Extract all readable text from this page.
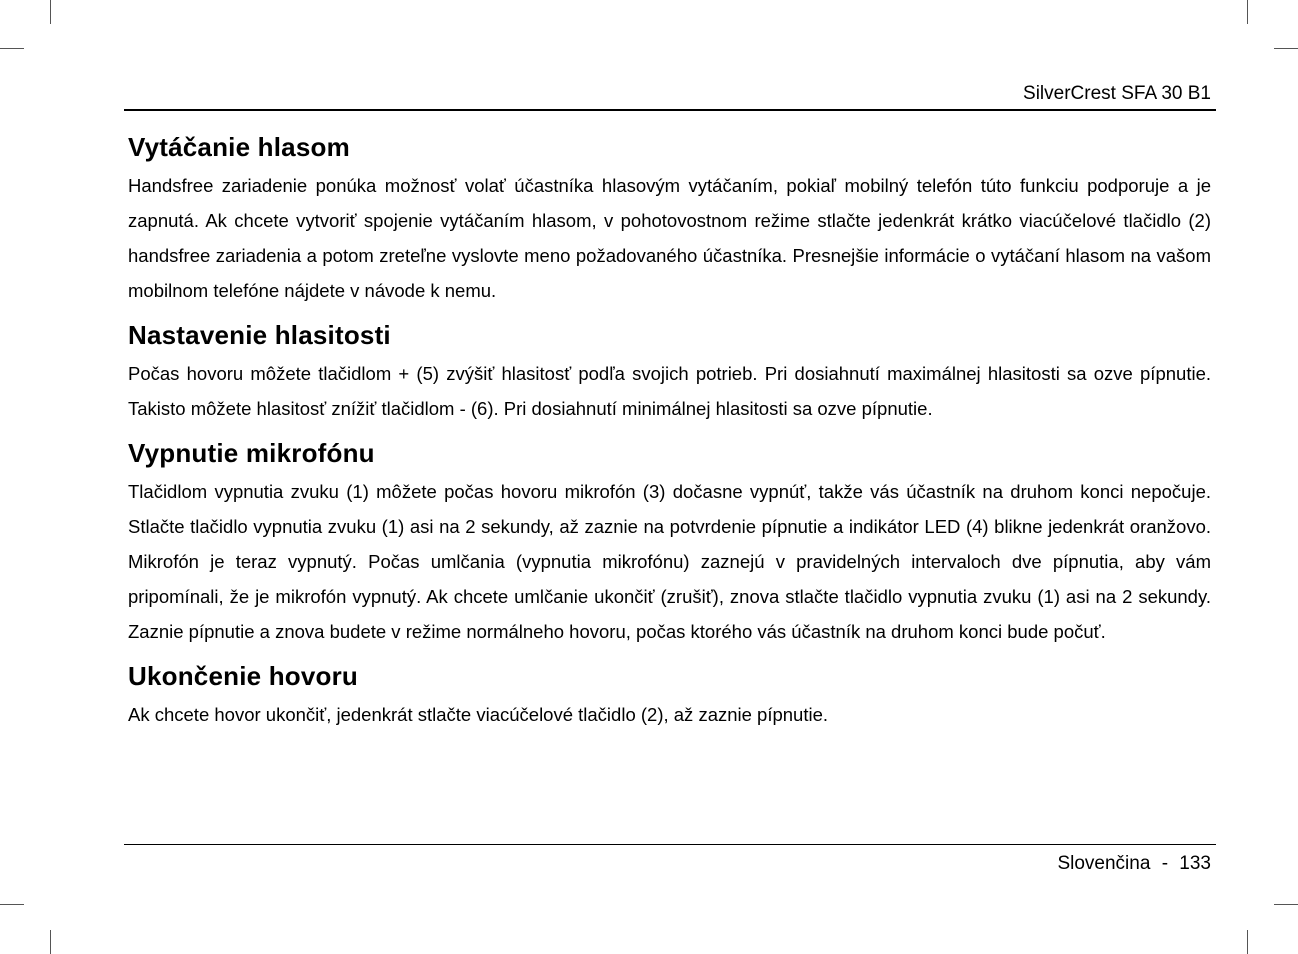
SilverCrest SFA 30 B1
Vytáčanie hlasom

Handsfree zariadenie ponúka možnosť volať účastníka hlasovým vytáčaním, pokiaľ mobilný telefón túto funkciu podporuje a je zapnutá. Ak chcete vytvoriť spojenie vytáčaním hlasom, v pohotovostnom režime stlačte jedenkrát krátko viacúčelové tlačidlo (2) handsfree zariadenia a potom zreteľne vyslovte meno požadovaného účastníka. Presnejšie informácie o vytáčaní hlasom na vašom mobilnom telefóne nájdete v návode k nemu.

Nastavenie hlasitosti

Počas hovoru môžete tlačidlom + (5) zvýšiť hlasitosť podľa svojich potrieb. Pri dosiahnutí maximálnej hlasitosti sa ozve pípnutie. Takisto môžete hlasitosť znížiť tlačidlom - (6). Pri dosiahnutí minimálnej hlasitosti sa ozve pípnutie.

Vypnutie mikrofónu

Tlačidlom vypnutia zvuku (1) môžete počas hovoru mikrofón (3) dočasne vypnúť, takže vás účastník na druhom konci nepočuje. Stlačte tlačidlo vypnutia zvuku (1) asi na 2 sekundy, až zaznie na potvrdenie pípnutie a indikátor LED (4) blikne jedenkrát oranžovo. Mikrofón je teraz vypnutý. Počas umlčania (vypnutia mikrofónu) zaznejú v pravidelných intervaloch dve pípnutia, aby vám pripomínali, že je mikrofón vypnutý. Ak chcete umlčanie ukončiť (zrušiť), znova stlačte tlačidlo vypnutia zvuku (1) asi na 2 sekundy. Zaznie pípnutie a znova budete v režime normálneho hovoru, počas ktorého vás účastník na druhom konci bude počuť.

Ukončenie hovoru

Ak chcete hovor ukončiť, jedenkrát stlačte viacúčelové tlačidlo (2), až zaznie pípnutie.

Slovenčina - 133
